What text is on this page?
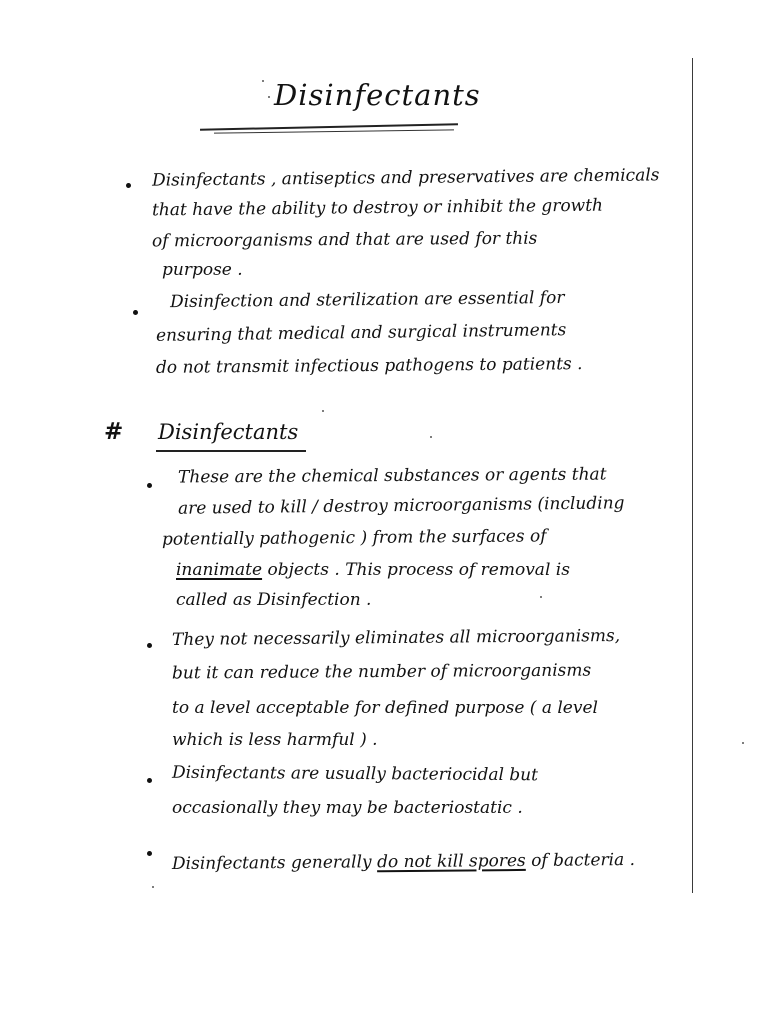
Disinfectants
Disinfectants , antiseptics and preservatives are chemicals
that have the ability to destroy or inhibit the growth
of microorganisms and that are used for this
purpose .
Disinfection and sterilization are essential for
ensuring that medical and surgical instruments
do not transmit infectious pathogens to patients .
# Disinfectants
These are the chemical substances or agents that
are used to kill / destroy microorganisms (including
potentially pathogenic ) from the surfaces of
inanimate objects . This process of removal is
called as Disinfection .
They not necessarily eliminates all microorganisms,
but it can reduce the number of microorganisms
to a level acceptable for defined purpose ( a level
which is less harmful ) .
Disinfectants are usually bacteriocidal but
occasionally they may be bacteriostatic .
Disinfectants generally do not kill spores of bacteria .
